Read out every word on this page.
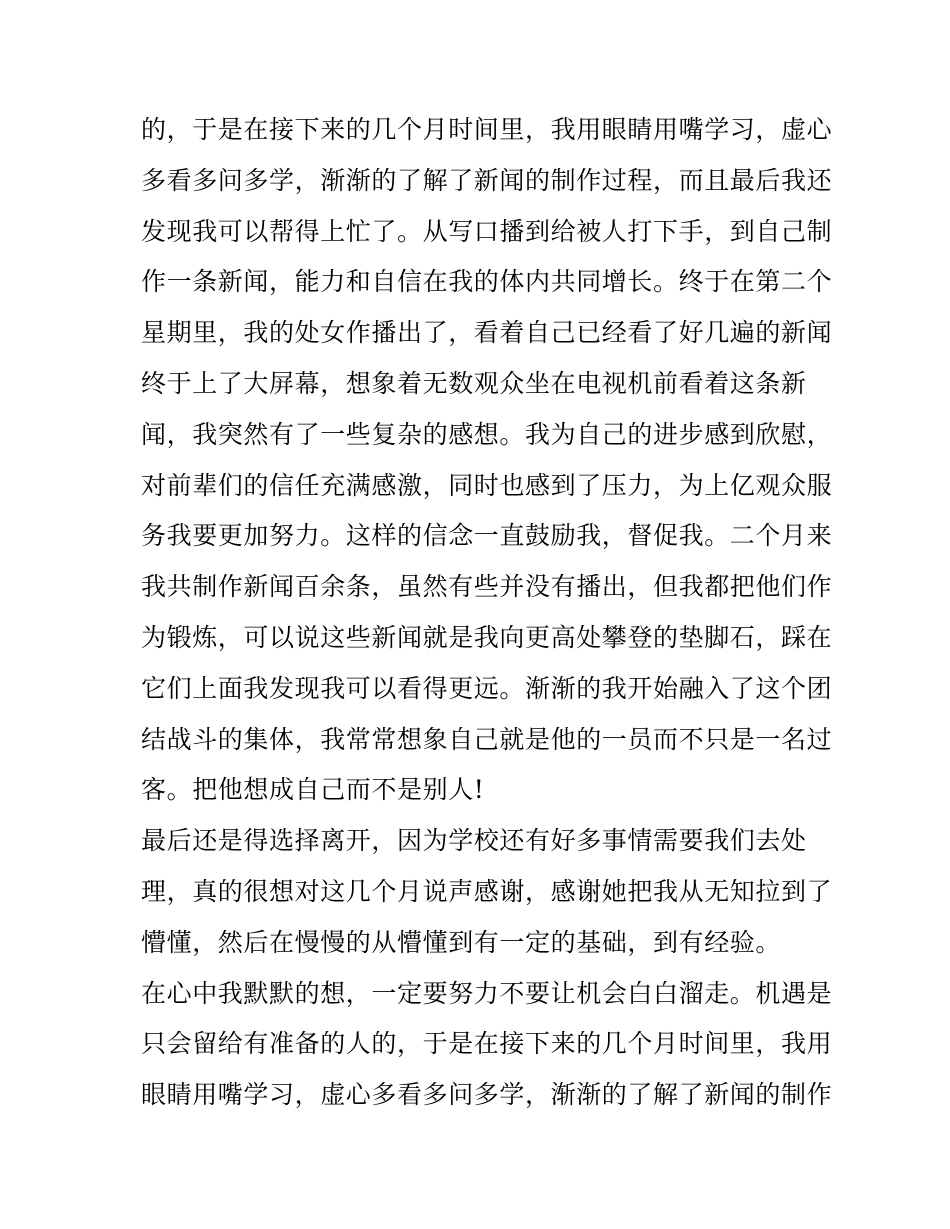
的，于是在接下来的几个月时间里，我用眼睛用嘴学习，虚心
多看多问多学，渐渐的了解了新闻的制作过程，而且最后我还
发现我可以帮得上忙了。从写口播到给被人打下手，到自己制
作一条新闻，能力和自信在我的体内共同增长。终于在第二个
星期里，我的处女作播出了，看着自己已经看了好几遍的新闻
终于上了大屏幕，想象着无数观众坐在电视机前看着这条新
闻，我突然有了一些复杂的感想。我为自己的进步感到欣慰，
对前辈们的信任充满感激，同时也感到了压力，为上亿观众服
务我要更加努力。这样的信念一直鼓励我，督促我。二个月来
我共制作新闻百余条，虽然有些并没有播出，但我都把他们作
为锻炼，可以说这些新闻就是我向更高处攀登的垫脚石，踩在
它们上面我发现我可以看得更远。渐渐的我开始融入了这个团
结战斗的集体，我常常想象自己就是他的一员而不只是一名过
客。把他想成自己而不是别人!
最后还是得选择离开，因为学校还有好多事情需要我们去处
理，真的很想对这几个月说声感谢，感谢她把我从无知拉到了
懵懂，然后在慢慢的从懵懂到有一定的基础，到有经验。
在心中我默默的想，一定要努力不要让机会白白溜走。机遇是
只会留给有准备的人的，于是在接下来的几个月时间里，我用
眼睛用嘴学习，虚心多看多问多学，渐渐的了解了新闻的制作
